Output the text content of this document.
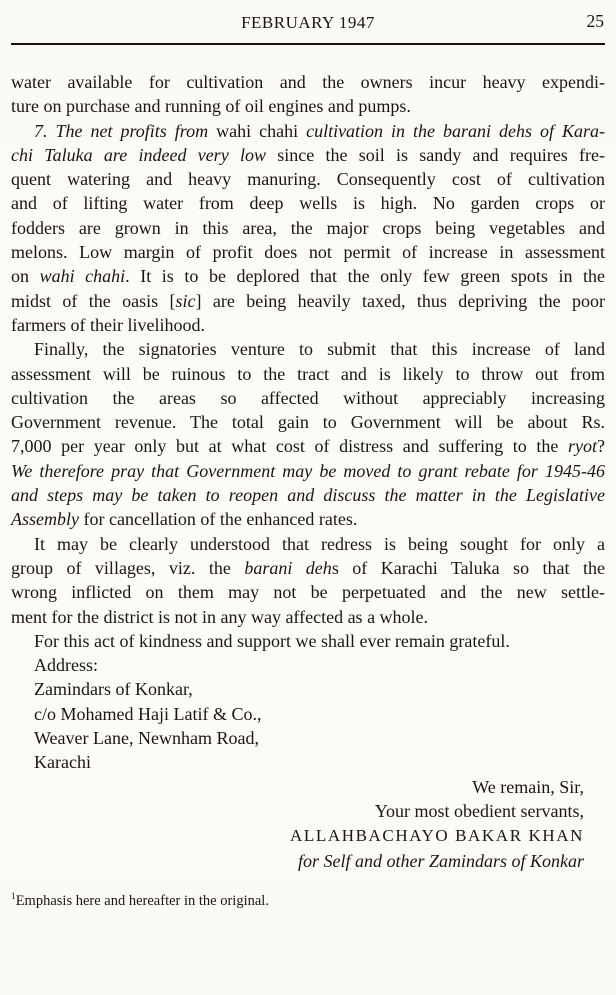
FEBRUARY 1947	25
water available for cultivation and the owners incur heavy expendi-
ture on purchase and running of oil engines and pumps.
7. The net profits from wahi chahi cultivation in the barani dehs of Kara-
chi Taluka are indeed very low since the soil is sandy and requires fre-
quent watering and heavy manuring. Consequently cost of cultivation
and of lifting water from deep wells is high. No garden crops or
fodders are grown in this area, the major crops being vegetables and
melons. Low margin of profit does not permit of increase in assessment
on wahi chahi. It is to be deplored that the only few green spots in the
midst of the oasis [sic] are being heavily taxed, thus depriving the poor
farmers of their livelihood.
Finally, the signatories venture to submit that this increase of land
assessment will be ruinous to the tract and is likely to throw out from
cultivation the areas so affected without appreciably increasing
Government revenue. The total gain to Government will be about Rs.
7,000 per year only but at what cost of distress and suffering to the ryot?
We therefore pray that Government may be moved to grant rebate for 1945-46
and steps may be taken to reopen and discuss the matter in the Legislative
Assembly for cancellation of the enhanced rates.
It may be clearly understood that redress is being sought for only a
group of villages, viz. the barani dehs of Karachi Taluka so that the
wrong inflicted on them may not be perpetuated and the new settle-
ment for the district is not in any way affected as a whole.
For this act of kindness and support we shall ever remain grateful.
Address:
Zamindars of Konkar,
c/o Mohamed Haji Latif & Co.,
Weaver Lane, Newnham Road,
Karachi
We remain, Sir,
Your most obedient servants,
ALLAHBACHAYO BAKAR KHAN
for Self and other Zamindars of Konkar
$^1$Emphasis here and hereafter in the original.
